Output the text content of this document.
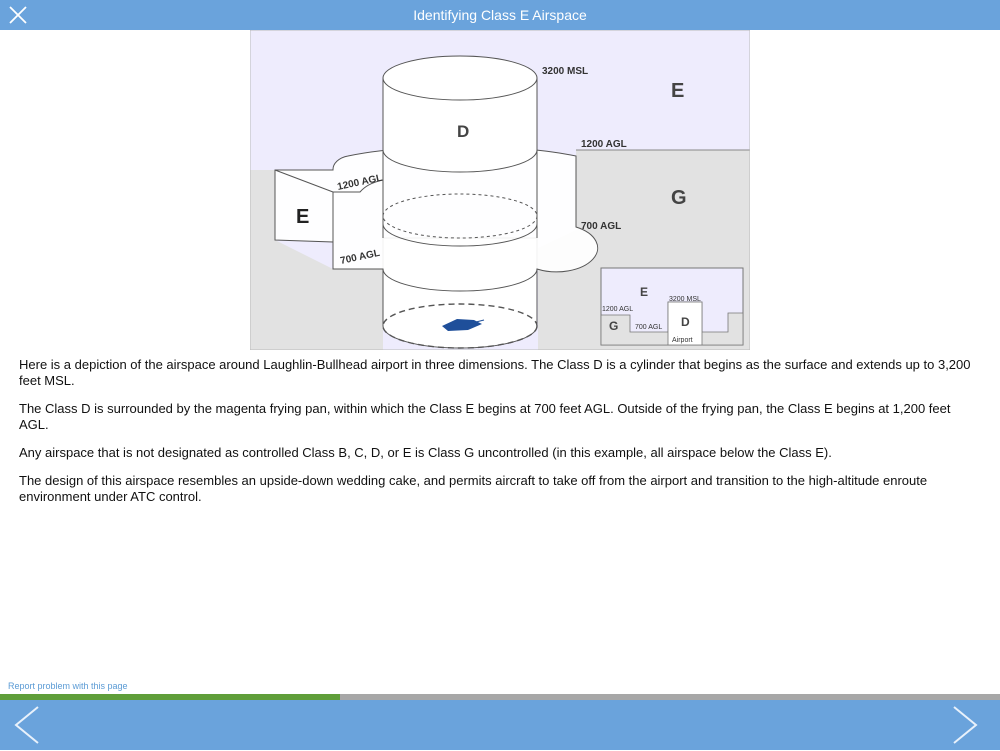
Identifying Class E Airspace
3200 MSL
E
D
1200 AGL
G
1200 AGL
E	700 AGL
700 AGL
E
3200 MSL
1200 AGL
G 700 AGL D
Airport

Here is a depiction of the airspace around Laughlin-Bullhead airport in three dimensions. The Class D is a cylinder that begins as the surface and extends up to 3,200 feet MSL.

The Class D is surrounded by the magenta frying pan, within which the Class E begins at 700 feet AGL. Outside of the frying pan, the Class E begins at 1,200 feet AGL.

Any airspace that is not designated as controlled Class B, C, D, or E is Class G uncontrolled (in this example, all airspace below the Class E).

The design of this airspace resembles an upside-down wedding cake, and permits aircraft to take off from the airport and transition to the high-altitude enroute environment under ATC control.

Report problem with this page
